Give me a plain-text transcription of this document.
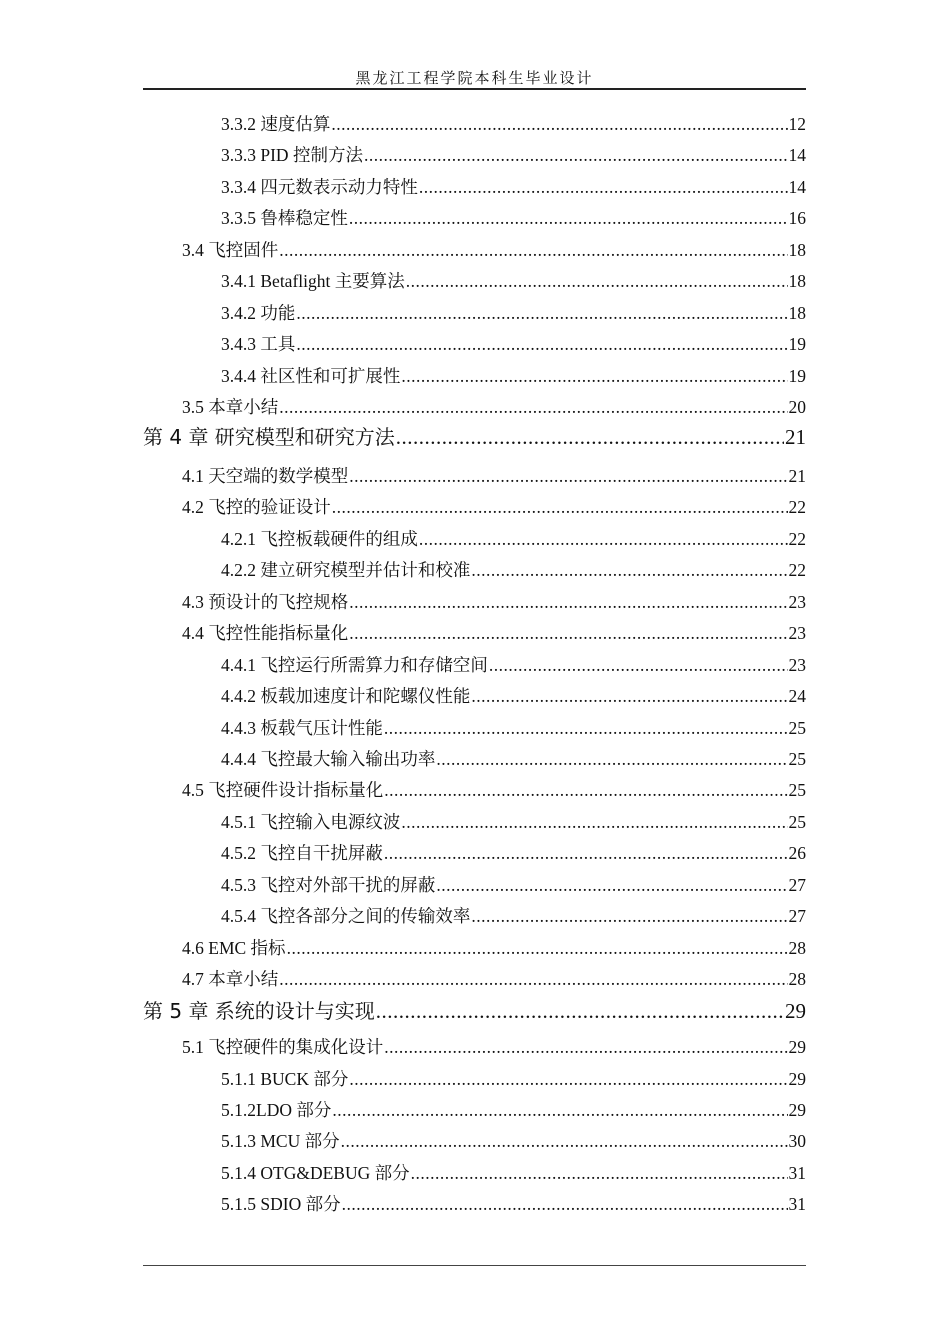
黑龙江工程学院本科生毕业设计
3.3.2 速度估算 .....	12
3.3.3 PID 控制方法 .....	14
3.3.4 四元数表示动力特性 .....	14
3.3.5 鲁棒稳定性 .....	16
3.4 飞控固件 .....	18
3.4.1 Betaflight 主要算法 .....	18
3.4.2 功能 .....	18
3.4.3 工具 .....	19
3.4.4 社区性和可扩展性 .....	19
3.5 本章小结 .....	20
第 4 章 研究模型和研究方法 .....	21
4.1 天空端的数学模型 .....	21
4.2 飞控的验证设计 .....	22
4.2.1 飞控板载硬件的组成 .....	22
4.2.2 建立研究模型并估计和校准 .....	22
4.3 预设计的飞控规格 .....	23
4.4 飞控性能指标量化 .....	23
4.4.1 飞控运行所需算力和存储空间 .....	23
4.4.2 板载加速度计和陀螺仪性能 .....	24
4.4.3 板载气压计性能 .....	25
4.4.4 飞控最大输入输出功率 .....	25
4.5 飞控硬件设计指标量化 .....	25
4.5.1 飞控输入电源纹波 .....	25
4.5.2 飞控自干扰屏蔽 .....	26
4.5.3 飞控对外部干扰的屏蔽 .....	27
4.5.4 飞控各部分之间的传输效率 .....	27
4.6 EMC 指标 .....	28
4.7 本章小结 .....	28
第 5 章 系统的设计与实现 .....	29
5.1 飞控硬件的集成化设计 .....	29
5.1.1 BUCK 部分 .....	29
5.1.2LDO 部分 .....	29
5.1.3 MCU 部分 .....	30
5.1.4 OTG&DEBUG 部分 .....	31
5.1.5 SDIO 部分 .....	31
